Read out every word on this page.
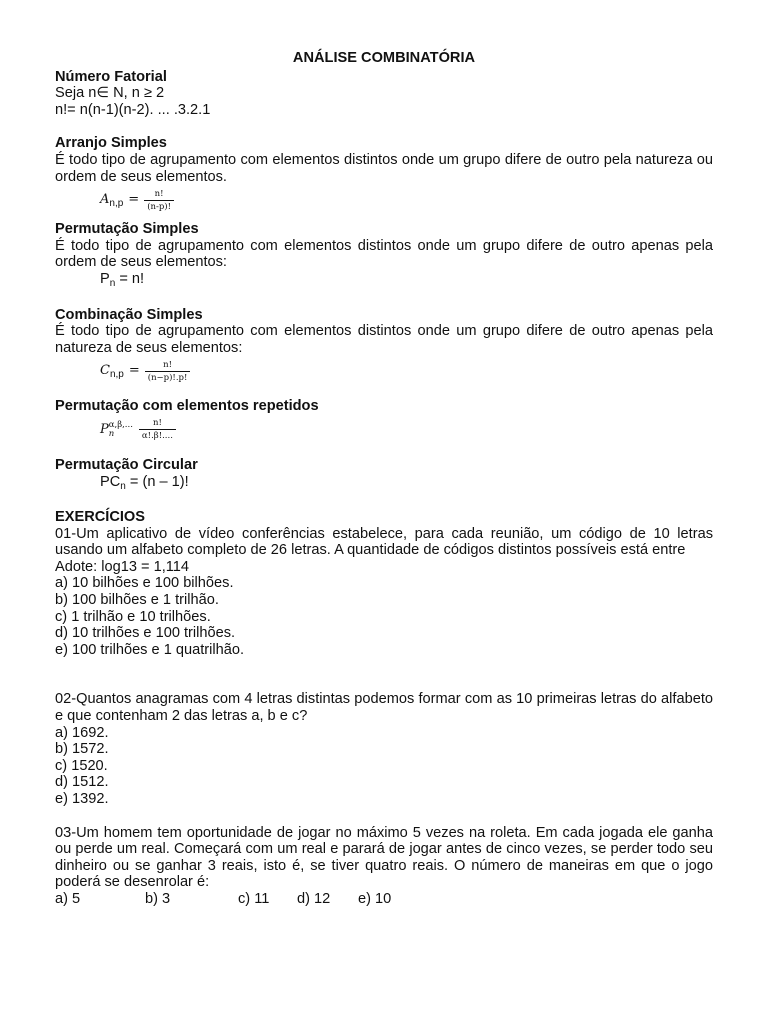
ANÁLISE COMBINATÓRIA
Número Fatorial
Seja n∈ N, n ≥ 2
n!= n(n-1)(n-2). ... .3.2.1
Arranjo Simples
É todo tipo de agrupamento com elementos distintos onde um grupo difere de outro pela natureza ou ordem de seus elementos.
A $n,p = \frac{n!}{(n-p)!}$
Permutação Simples
É todo tipo de agrupamento com elementos distintos onde um grupo difere de outro apenas pela ordem de seus elementos:
$P_n = n$!
Combinação Simples
É todo tipo de agrupamento com elementos distintos onde um grupo difere de outro apenas pela natureza de seus elementos:
C $n,p = \frac{n!}{(n-p)!.p!}$
Permutação com elementos repetidos
P α,β,...
n	$\frac{n!}{\alpha!.\beta!....}$
Permutação Circular
$PC_n = (n - 1)$!
EXERCÍCIOS
01-Um aplicativo de vídeo conferências estabelece, para cada reunião, um código de 10 letras usando um alfabeto completo de 26 letras. A quantidade de códigos distintos possíveis está entre
Adote: log13 = 1,114
a) 10 bilhões e 100 bilhões.
b) 100 bilhões e 1 trilhão.
c) 1 trilhão e 10 trilhões.
d) 10 trilhões e 100 trilhões.
e) 100 trilhões e 1 quatrilhão.
02-Quantos anagramas com 4 letras distintas podemos formar com as 10 primeiras letras do alfabeto e que contenham 2 das letras a, b e c?
a) 1692.
b) 1572.
c) 1520.
d) 1512.
e) 1392.
03-Um homem tem oportunidade de jogar no máximo 5 vezes na roleta. Em cada jogada ele ganha ou perde um real. Começará com um real e parará de jogar antes de cinco vezes, se perder todo seu dinheiro ou se ganhar 3 reais, isto é, se tiver quatro reais. O número de maneiras em que o jogo poderá se desenrolar é:
a) 5	b) 3	c) 11	d) 12	e) 10
